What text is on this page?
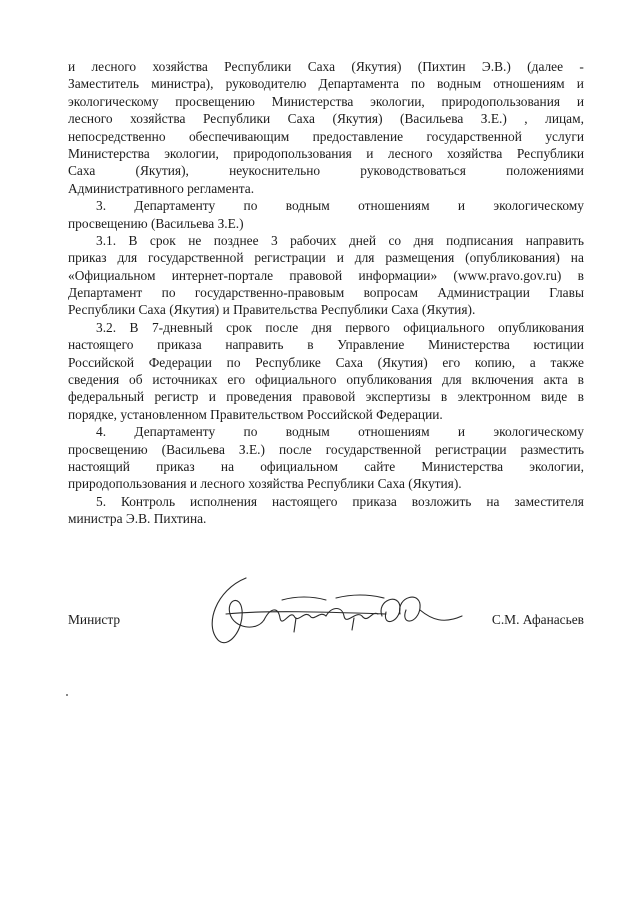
и лесного хозяйства Республики Саха (Якутия) (Пихтин Э.В.) (далее -
Заместитель министра), руководителю Департамента по водным отношениям и
экологическому просвещению Министерства экологии, природопользования и
лесного хозяйства Республики Саха (Якутия) (Васильева З.Е.) , лицам,
непосредственно обеспечивающим предоставление государственной услуги
Министерства экологии, природопользования и лесного хозяйства Республики
Саха	(Якутия),	неукоснительно	руководствоваться	положениями
Административного регламента.
3. Департаменту по водным отношениям и экологическому
просвещению (Васильева З.Е.)
3.1. В срок не позднее 3 рабочих дней со дня подписания направить
приказ для государственной регистрации и для размещения (опубликования) на
«Официальном интернет-портале правовой информации» (www.pravo.gov.ru) в
Департамент по государственно-правовым вопросам Администрации Главы
Республики Саха (Якутия) и Правительства Республики Саха (Якутия).
3.2. В 7-дневный срок после дня первого официального опубликования
настоящего приказа направить в Управление Министерства юстиции
Российской Федерации по Республике Саха (Якутия) его копию, а также
сведения об источниках его официального опубликования для включения акта в
федеральный регистр и проведения правовой экспертизы в электронном виде в
порядке, установленном Правительством Российской Федерации.
4. Департаменту по водным отношениям и экологическому
просвещению (Васильева З.Е.) после государственной регистрации разместить
настоящий приказ на официальном сайте Министерства экологии,
природопользования и лесного хозяйства Республики Саха (Якутия).
5. Контроль исполнения настоящего приказа возложить на заместителя
министра Э.В. Пихтина.
Министр	С.М. Афанасьев
